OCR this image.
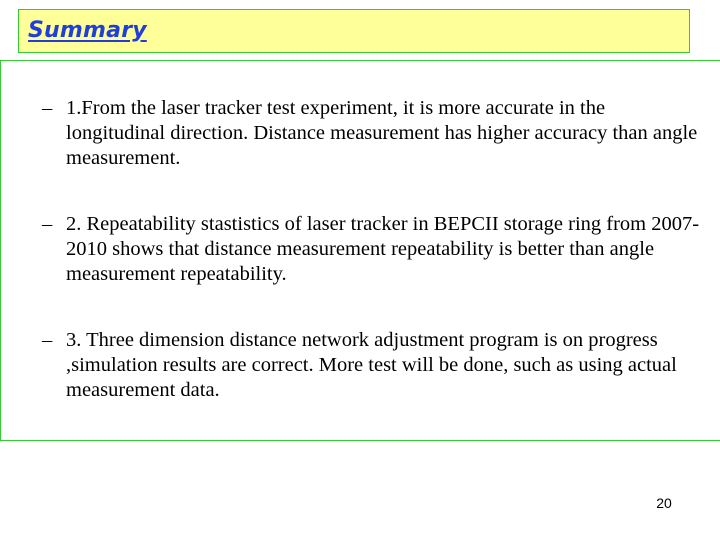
Summary
– 1.From the laser tracker test experiment, it is more accurate in the longitudinal direction. Distance measurement has higher accuracy than angle measurement.
– 2. Repeatability stastistics of laser tracker in BEPCII storage ring from 2007-2010 shows that distance measurement repeatability is better than angle measurement repeatability.
– 3. Three dimension distance network adjustment program is on progress ,simulation results are correct. More test will be done, such as using actual measurement data.
20
